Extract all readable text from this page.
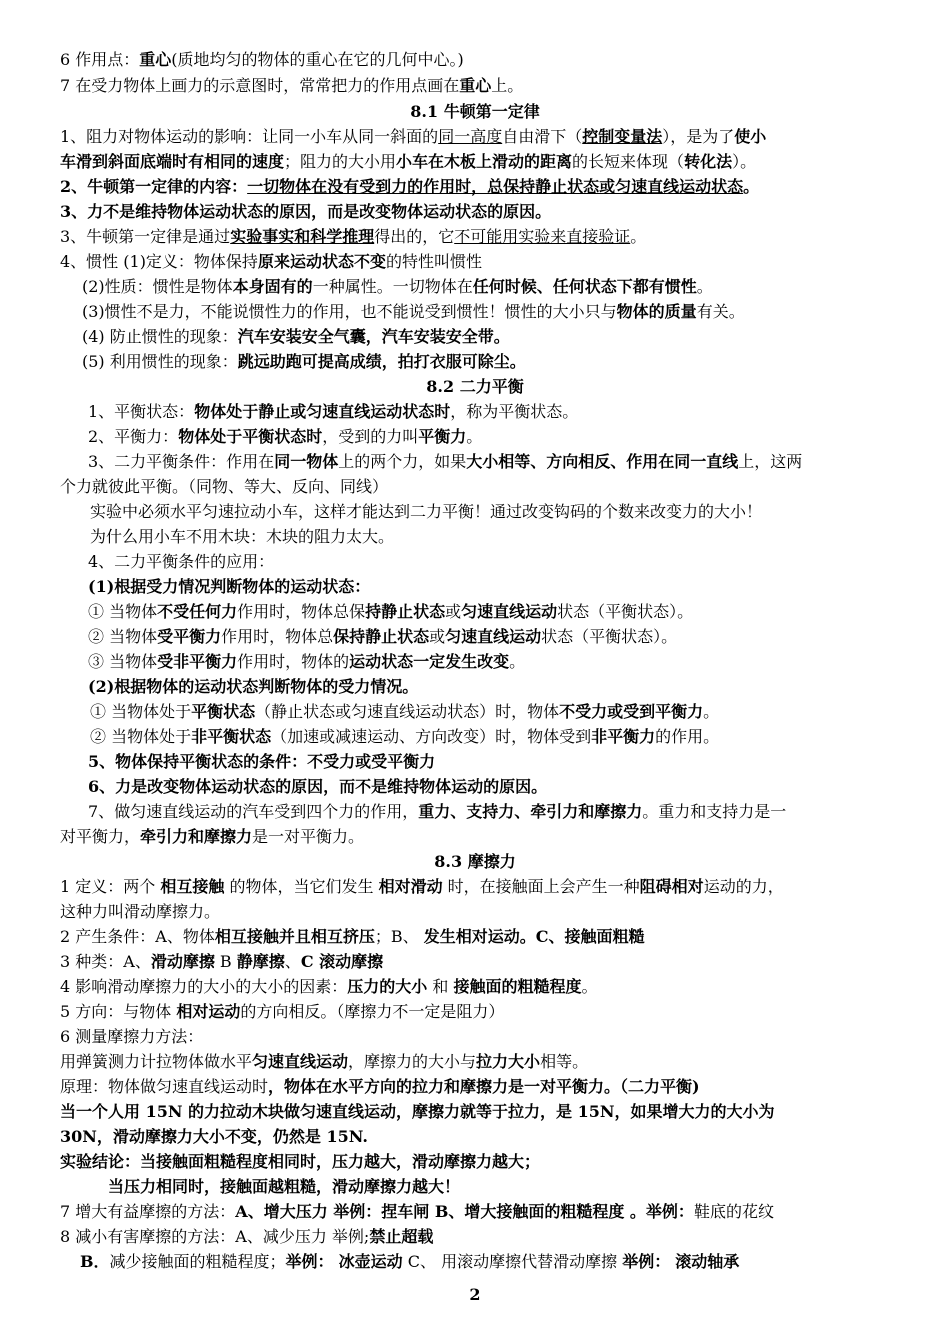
6 作用点：重心(质地均匀的物体的重心在它的几何中心。)
7 在受力物体上画力的示意图时，常常把力的作用点画在重心上。
8.1 牛顿第一定律
1、阻力对物体运动的影响：让同一小车从同一斜面的同一高度自由滑下（控制变量法），是为了使小
车滑到斜面底端时有相同的速度；阻力的大小用小车在木板上滑动的距离的长短来体现（转化法）。
2、牛顿第一定律的内容：一切物体在没有受到力的作用时，总保持静止状态或匀速直线运动状态。
3、力不是维持物体运动状态的原因，而是改变物体运动状态的原因。
3、牛顿第一定律是通过实验事实和科学推理得出的，它不可能用实验来直接验证。
4、惯性 (1)定义：物体保持原来运动状态不变的特性叫惯性
(2)性质：惯性是物体本身固有的一种属性。一切物体在任何时候、任何状态下都有惯性。
(3)惯性不是力，不能说惯性力的作用，也不能说受到惯性！惯性的大小只与物体的质量有关。
(4) 防止惯性的现象：汽车安装安全气囊，汽车安装安全带。
(5) 利用惯性的现象：跳远助跑可提高成绩，拍打衣服可除尘。
8.2 二力平衡
1、平衡状态：物体处于静止或匀速直线运动状态时，称为平衡状态。
2、平衡力：物体处于平衡状态时，受到的力叫平衡力。
3、二力平衡条件：作用在同一物体上的两个力，如果大小相等、方向相反、作用在同一直线上，这两
个力就彼此平衡。（同物、等大、反向、同线）
实验中必须水平匀速拉动小车，这样才能达到二力平衡！通过改变钩码的个数来改变力的大小！
为什么用小车不用木块：木块的阻力太大。
4、二力平衡条件的应用：
(1)根据受力情况判断物体的运动状态：
① 当物体不受任何力作用时，物体总保持静止状态或匀速直线运动状态（平衡状态）。
② 当物体受平衡力作用时，物体总保持静止状态或匀速直线运动状态（平衡状态）。
③ 当物体受非平衡力作用时，物体的运动状态一定发生改变。
(2)根据物体的运动状态判断物体的受力情况。
① 当物体处于平衡状态（静止状态或匀速直线运动状态）时，物体不受力或受到平衡力。
② 当物体处于非平衡状态（加速或减速运动、方向改变）时，物体受到非平衡力的作用。
5、物体保持平衡状态的条件：不受力或受平衡力
6、力是改变物体运动状态的原因，而不是维持物体运动的原因。
7、做匀速直线运动的汽车受到四个力的作用，重力、支持力、牵引力和摩擦力。重力和支持力是一
对平衡力，牵引力和摩擦力是一对平衡力。
8.3 摩擦力
1 定义：两个 相互接触 的物体，当它们发生 相对滑动 时，在接触面上会产生一种阻碍相对运动的力，
这种力叫滑动摩擦力。
2 产生条件：A、物体相互接触并且相互挤压；B、 发生相对运动。C、接触面粗糙
3 种类：A、滑动摩擦 B 静摩擦、C 滚动摩擦
4 影响滑动摩擦力的大小的大小的因素：压力的大小 和 接触面的粗糙程度。
5 方向：与物体 相对运动的方向相反。（摩擦力不一定是阻力）
6 测量摩擦力方法：
用弹簧测力计拉物体做水平匀速直线运动，摩擦力的大小与拉力大小相等。
原理：物体做匀速直线运动时，物体在水平方向的拉力和摩擦力是一对平衡力。（二力平衡)
当一个人用 15N 的力拉动木块做匀速直线运动，摩擦力就等于拉力，是 15N，如果增大力的大小为
30N，滑动摩擦力大小不变，仍然是 15N.
实验结论：当接触面粗糙程度相同时，压力越大，滑动摩擦力越大；
当压力相同时，接触面越粗糙，滑动摩擦力越大！
7 增大有益摩擦的方法：A、增大压力 举例：捏车闸 B、增大接触面的粗糙程度 。举例：鞋底的花纹
8 减小有害摩擦的方法：A、减少压力 举例;禁止超载
B．减少接触面的粗糙程度；举例： 冰壶运动 C、 用滚动摩擦代替滑动摩擦 举例： 滚动轴承
2
